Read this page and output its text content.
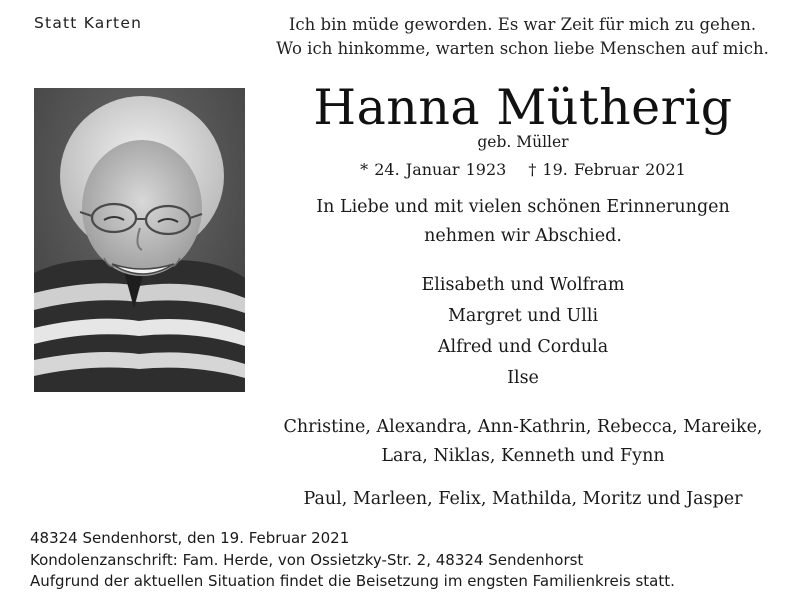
Statt Karten	Ich bin müde geworden. Es war Zeit für mich zu gehen.
Wo ich hinkomme, warten schon liebe Menschen auf mich.
Hanna Mütherig
geb. Müller
* 24. Januar 1923 † 19. Februar 2021
In Liebe und mit vielen schönen Erinnerungen
nehmen wir Abschied.
Elisabeth und Wolfram
Margret und Ulli
Alfred und Cordula
Ilse
Christine, Alexandra, Ann-Kathrin, Rebecca, Mareike,
Lara, Niklas, Kenneth und Fynn
Paul, Marleen, Felix, Mathilda, Moritz und Jasper
48324 Sendenhorst, den 19. Februar 2021
Kondolenzanschrift: Fam. Herde, von Ossietzky-Str. 2, 48324 Sendenhorst
Aufgrund der aktuellen Situation findet die Beisetzung im engsten Familienkreis statt.
